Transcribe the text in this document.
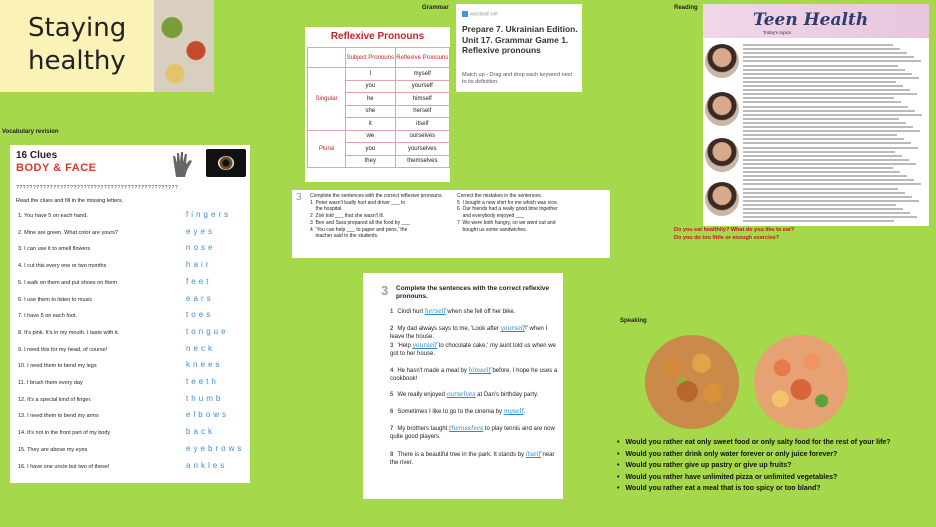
Staying
healthy
Vocabulary revision
Grammar	Reading
Speaking
16 Clues
BODY & FACE
????????????????????????????????????????????????
Read the clues and fill in the missing letters.
1. You have 5 on each hand.	f i n g e r s
2. Mine are green. What color are yours?	e y e s
3. I can use it to smell flowers	n o s e
4. I cut this every one or two months	h a i r
5. I walk on them and put shoes on them	f e e t
6. I use them to listen to music	e a r s
7. I have 5 on each foot.	t o e s
8. It's pink. It's in my mouth. I taste with it.	t o n g u e
9. I need this for my head, of course!	n e c k
10. I need them to bend my legs	k n e e s
11. I brush them every day	t e e t h
12. It's a special kind of finger.	t h u m b
13. I need them to bend my arms	e l b o w s
14. It's not in the front part of my body	b a c k
15. They are above my eyes	e y e b r o w s
16. I have one uncle but two of these!	a n k l e s
Reflexive Pronouns
	Subject Pronouns	Reflexive Pronouns
Singular	I	myself
	you	yourself
	he	himself
	she	herself
	it	itself
Plural	we	ourselves
	you	yourselves
	they	themselves
wordwall.net
Prepare 7. Ukrainian Edition. Unit 17. Grammar Game 1. Reflexive pronouns
Match up - Drag and drop each keyword next to its definition.
3 Complete the sentences with the correct reflexive pronouns.
1  Peter wasn't badly hurt and driver ___ to
the hospital.
2  Zoë told ___ that she wasn't ill.
3  Ben and Sara prepared all the food by ___
4  'You can help ___ to paper and pens,' the
teacher said to the students.
Correct the mistakes in the sentences.
5  I bought a new shirt for me which was nice.
6  Our friends had a really good time together
and everybody enjoyed ___
7  We were both hungry, so we went out and
bought us some sandwiches.
3 Complete the sentences with the correct reflexive pronouns.
1 Cindi hurt herself when she fell off her bike.
2 My dad always says to me, 'Look after yourself!' when I leave the house.
3 'Help yourself to chocolate cake,' my aunt told us when we got to her house.
4 He hasn't made a meal by himself before. I hope he uses a cookbook!
5 We really enjoyed ourselves at Dan's birthday party.
6 Sometimes I like to go to the cinema by myself.
7 My brothers taught themselves to play tennis and are now quite good players.
8 There is a beautiful tree in the park. It stands by itself near the river.
Teen Health
Today's topics
Do you eat healthily? What do you like to eat?
Do you do too little or enough exercise?
• Would you rather eat only sweet food or only salty food for the rest of your life?
• Would you rather drink only water forever or only juice forever?
• Would you rather give up pastry or give up fruits?
• Would you rather have unlimited pizza or unlimited vegetables?
• Would you rather eat a meal that is too spicy or too bland?
